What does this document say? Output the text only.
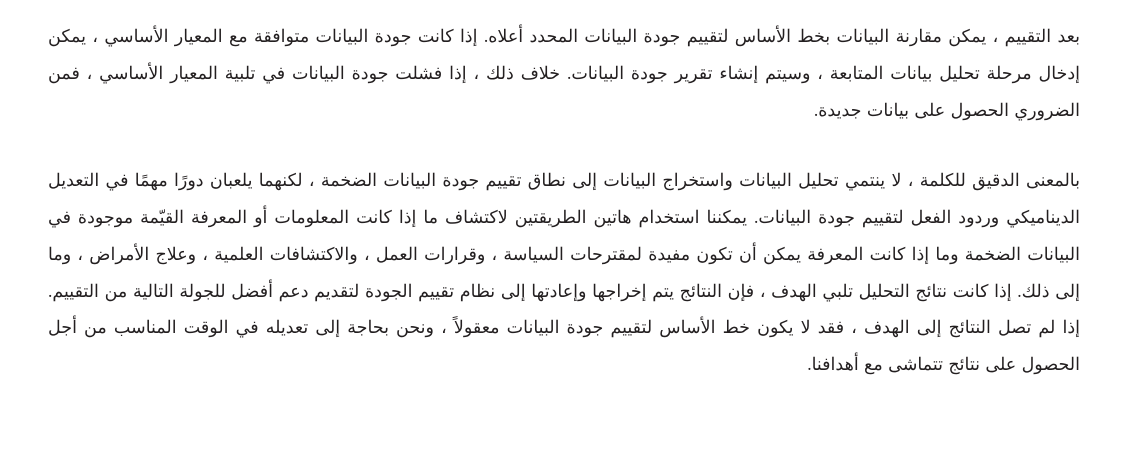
بعد التقييم ، يمكن مقارنة البيانات بخط الأساس لتقييم جودة البيانات المحدد أعلاه. إذا كانت جودة البيانات متوافقة مع المعيار الأساسي ، يمكن إدخال مرحلة تحليل بيانات المتابعة ، وسيتم إنشاء تقرير جودة البيانات. خلاف ذلك ، إذا فشلت جودة البيانات في تلبية المعيار الأساسي ، فمن الضروري الحصول على بيانات جديدة.

بالمعنى الدقيق للكلمة ، لا ينتمي تحليل البيانات واستخراج البيانات إلى نطاق تقييم جودة البيانات الضخمة ، لكنهما يلعبان دورًا مهمًا في التعديل الديناميكي وردود الفعل لتقييم جودة البيانات. يمكننا استخدام هاتين الطريقتين لاكتشاف ما إذا كانت المعلومات أو المعرفة القيّمة موجودة في البيانات الضخمة وما إذا كانت المعرفة يمكن أن تكون مفيدة لمقترحات السياسة ، وقرارات العمل ، والاكتشافات العلمية ، وعلاج الأمراض ، وما إلى ذلك. إذا كانت نتائج التحليل تلبي الهدف ، فإن النتائج يتم إخراجها وإعادتها إلى نظام تقييم الجودة لتقديم دعم أفضل للجولة التالية من التقييم. إذا لم تصل النتائج إلى الهدف ، فقد لا يكون خط الأساس لتقييم جودة البيانات معقولاً ، ونحن بحاجة إلى تعديله في الوقت المناسب من أجل الحصول على نتائج تتماشى مع أهدافنا.
